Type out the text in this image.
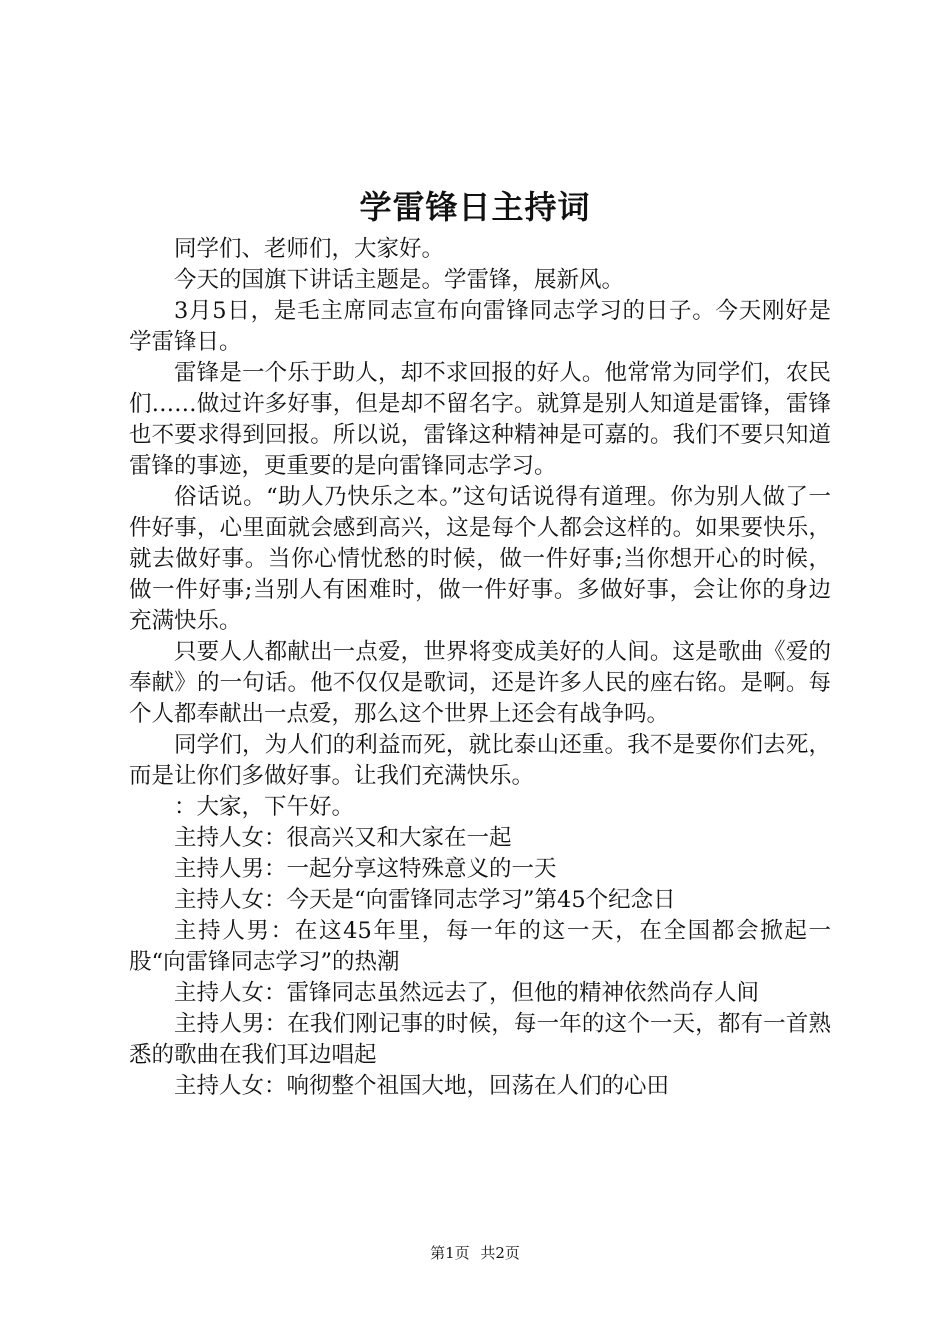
学雷锋日主持词

同学们、老师们，大家好。

今天的国旗下讲话主题是。学雷锋，展新风。

3月5日，是毛主席同志宣布向雷锋同志学习的日子。今天刚好是学雷锋日。

雷锋是一个乐于助人，却不求回报的好人。他常常为同学们，农民们……做过许多好事，但是却不留名字。就算是别人知道是雷锋，雷锋也不要求得到回报。所以说，雷锋这种精神是可嘉的。我们不要只知道雷锋的事迹，更重要的是向雷锋同志学习。

俗话说。“助人乃快乐之本。”这句话说得有道理。你为别人做了一件好事，心里面就会感到高兴，这是每个人都会这样的。如果要快乐，就去做好事。当你心情忧愁的时候，做一件好事;当你想开心的时候，做一件好事;当别人有困难时，做一件好事。多做好事，会让你的身边充满快乐。

只要人人都献出一点爱，世界将变成美好的人间。这是歌曲《爱的奉献》的一句话。他不仅仅是歌词，还是许多人民的座右铭。是啊。每个人都奉献出一点爱，那么这个世界上还会有战争吗。

同学们，为人们的利益而死，就比泰山还重。我不是要你们去死，而是让你们多做好事。让我们充满快乐。

：大家，下午好。

主持人女：很高兴又和大家在一起

主持人男：一起分享这特殊意义的一天

主持人女：今天是“向雷锋同志学习”第45个纪念日

主持人男：在这45年里，每一年的这一天，在全国都会掀起一股“向雷锋同志学习”的热潮

主持人女：雷锋同志虽然远去了，但他的精神依然尚存人间

主持人男：在我们刚记事的时候，每一年的这个一天，都有一首熟悉的歌曲在我们耳边唱起

主持人女：响彻整个祖国大地，回荡在人们的心田

第1页 共2页
